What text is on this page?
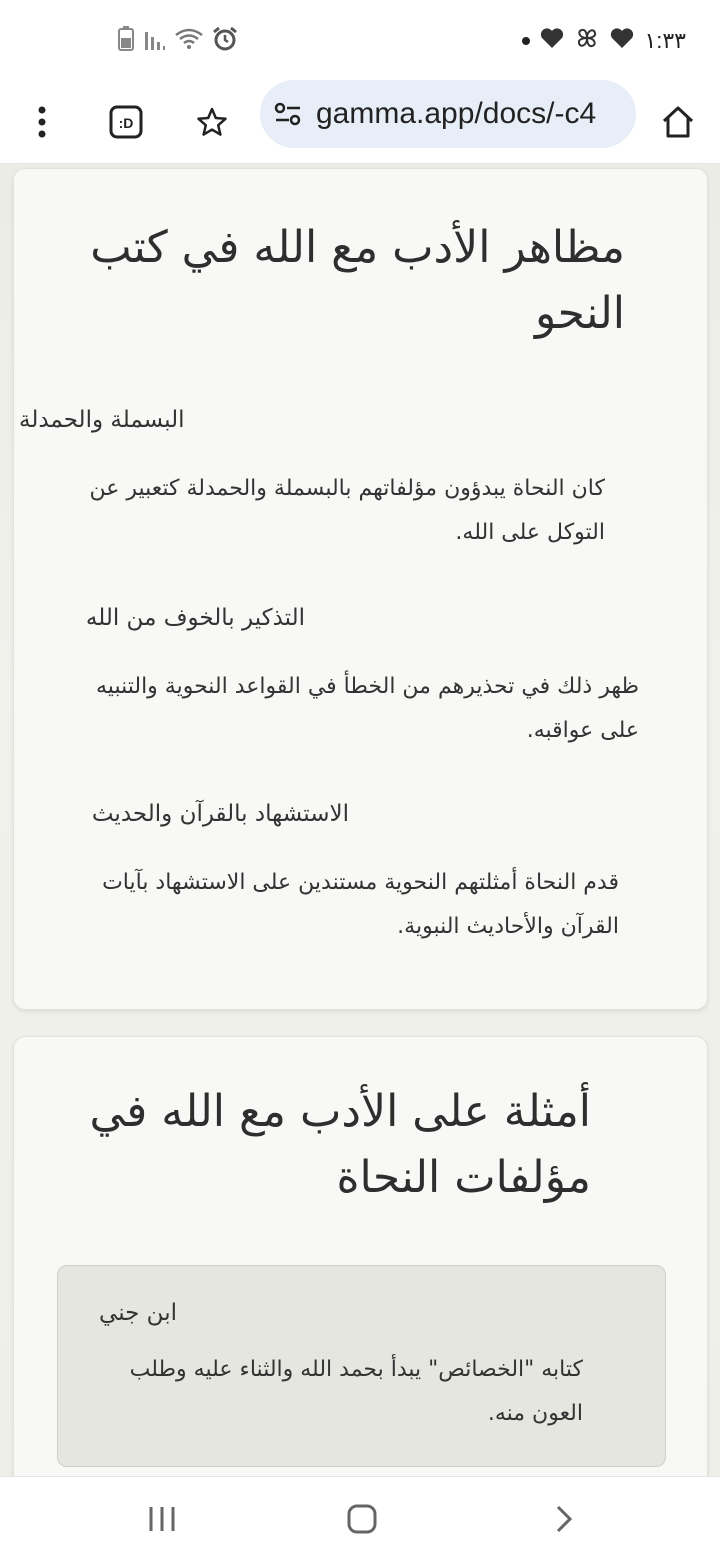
١:٣٣
:D	gamma.app/docs/-c4
مظاهر الأدب مع الله في كتب النحو
البسملة والحمدلة
كان النحاة يبدؤون مؤلفاتهم بالبسملة والحمدلة كتعبير عن التوكل على الله.
التذكير بالخوف من الله
ظهر ذلك في تحذيرهم من الخطأ في القواعد النحوية والتنبيه على عواقبه.
الاستشهاد بالقرآن والحديث
قدم النحاة أمثلتهم النحوية مستندين على الاستشهاد بآيات القرآن والأحاديث النبوية.
أمثلة على الأدب مع الله في مؤلفات النحاة
ابن جني
كتابه "الخصائص" يبدأ بحمد الله والثناء عليه وطلب العون منه.
